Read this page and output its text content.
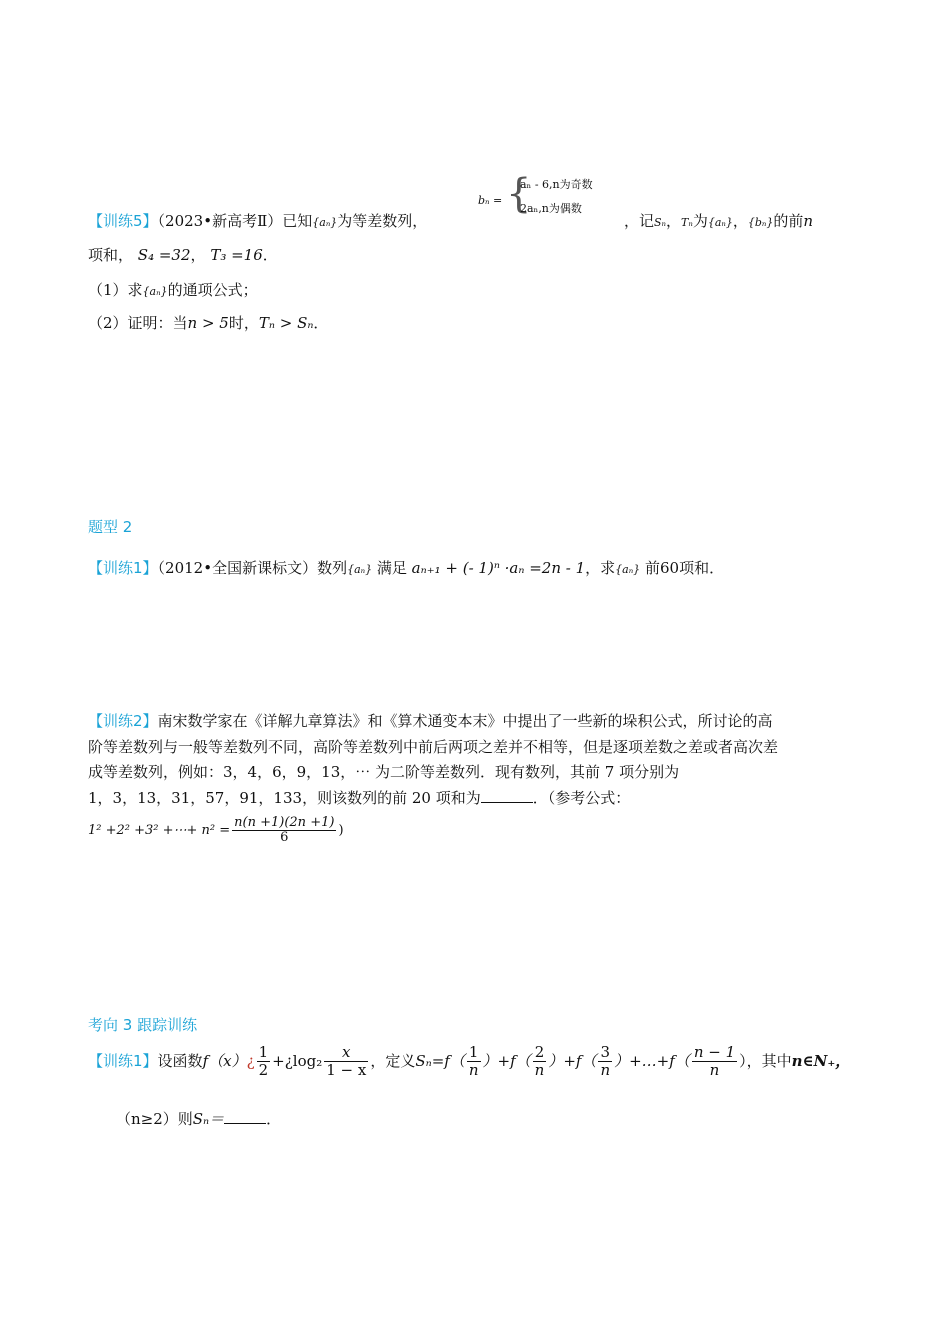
bₙ = {
aₙ - 6,n为奇数
2aₙ,n为偶数
【训练5】（2023•新高考Ⅱ）已知{aₙ}为等差数列，	，记Sₙ，Tₙ为{aₙ}，{bₙ}的前n
项和， S₄ =32， T₃ =16．
（1）求{aₙ}的通项公式；
（2）证明：当n > 5时，Tₙ > Sₙ．
题型 2
【训练1】（2012•全国新课标文）数列{aₙ} 满足 aₙ₊₁ + (- 1)ⁿ ·aₙ =2n - 1，求{aₙ} 前60项和．
【训练2】南宋数学家在《详解九章算法》和《算术通变本末》中提出了一些新的垛积公式，所讨论的高
阶等差数列与一般等差数列不同，高阶等差数列中前后两项之差并不相等，但是逐项差数之差或者高次差
成等差数列，例如：3，4，6，9，13，⋯ 为二阶等差数列．现有数列，其前 7 项分别为
1，3，13，31，57，91，133，则该数列的前 20 项和为	．（参考公式：
1² +2² +3² +⋯+ $n^2 = \frac{n(n +1)(2n +1)}{6}$ )
考向 3 跟踪训练
【训练1】设函数f（x）¿ $\frac{1}{2}$ +¿log₂ $\frac{x}{1 - x}$ ，定义$S_n=f( \frac{1}{n} )+f( \frac{2}{n} )+f( \frac{3}{n}$ ）+…+f（ $\frac{n - 1}{n}$ ），其中n∈N₊，
（n≥2）则Sₙ＝	．
